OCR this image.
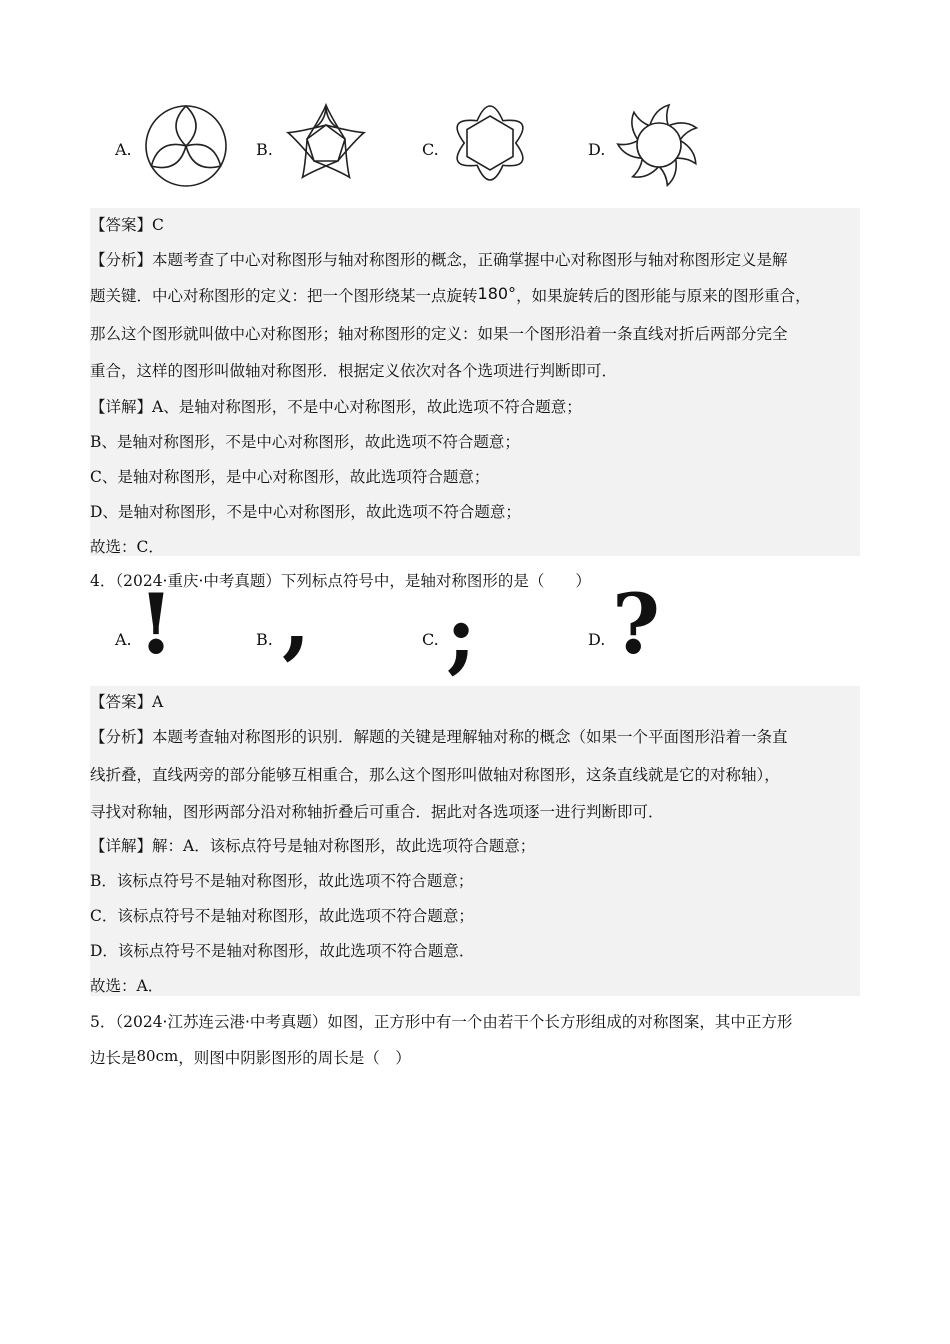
A.	B.	C.	D.
【答案】C
【分析】本题考查了中心对称图形与轴对称图形的概念，正确掌握中心对称图形与轴对称图形定义是解
题关键．中心对称图形的定义：把一个图形绕某一点旋转180°，如果旋转后的图形能与原来的图形重合，
那么这个图形就叫做中心对称图形；轴对称图形的定义：如果一个图形沿着一条直线对折后两部分完全
重合，这样的图形叫做轴对称图形．根据定义依次对各个选项进行判断即可．
【详解】A、是轴对称图形，不是中心对称图形，故此选项不符合题意；
B、是轴对称图形，不是中心对称图形，故此选项不符合题意；
C、是轴对称图形，是中心对称图形，故此选项符合题意；
D、是轴对称图形，不是中心对称图形，故此选项不符合题意；
故选：C．
4．（2024·重庆·中考真题）下列标点符号中，是轴对称图形的是（　　）
A. !	B. ,	C. ;	D. ?
【答案】A
【分析】本题考查轴对称图形的识别．解题的关键是理解轴对称的概念（如果一个平面图形沿着一条直
线折叠，直线两旁的部分能够互相重合，那么这个图形叫做轴对称图形，这条直线就是它的对称轴），
寻找对称轴，图形两部分沿对称轴折叠后可重合．据此对各选项逐一进行判断即可．
【详解】解：A．该标点符号是轴对称图形，故此选项符合题意；
B．该标点符号不是轴对称图形，故此选项不符合题意；
C．该标点符号不是轴对称图形，故此选项不符合题意；
D．该标点符号不是轴对称图形，故此选项不符合题意．
故选：A．
5．（2024·江苏连云港·中考真题）如图，正方形中有一个由若干个长方形组成的对称图案，其中正方形
边长是80cm，则图中阴影图形的周长是（　）
